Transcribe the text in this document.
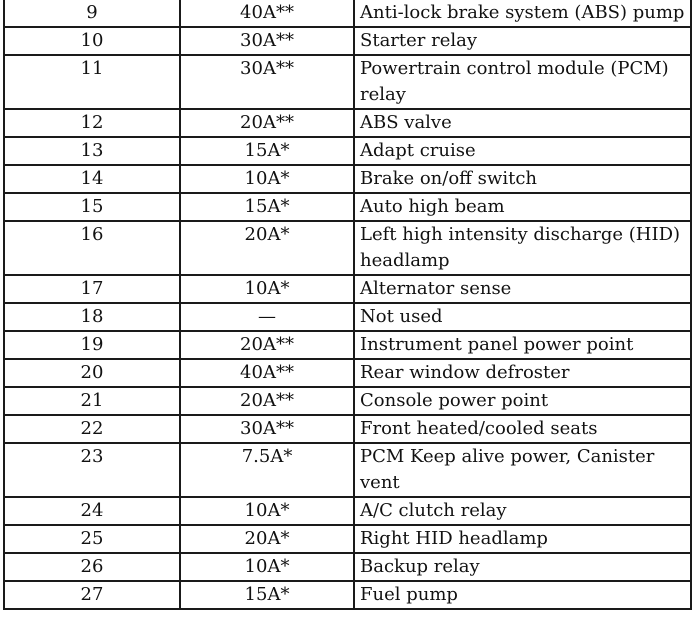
9	40A**	Anti-lock brake system (ABS) pump
10	30A**	Starter relay
11	30A**	Powertrain control module (PCM) relay
12	20A**	ABS valve
13	15A*	Adapt cruise
14	10A*	Brake on/off switch
15	15A*	Auto high beam
16	20A*	Left high intensity discharge (HID) headlamp
17	10A*	Alternator sense
18	—	Not used
19	20A**	Instrument panel power point
20	40A**	Rear window defroster
21	20A**	Console power point
22	30A**	Front heated/cooled seats
23	7.5A*	PCM Keep alive power, Canister vent
24	10A*	A/C clutch relay
25	20A*	Right HID headlamp
26	10A*	Backup relay
27	15A*	Fuel pump
